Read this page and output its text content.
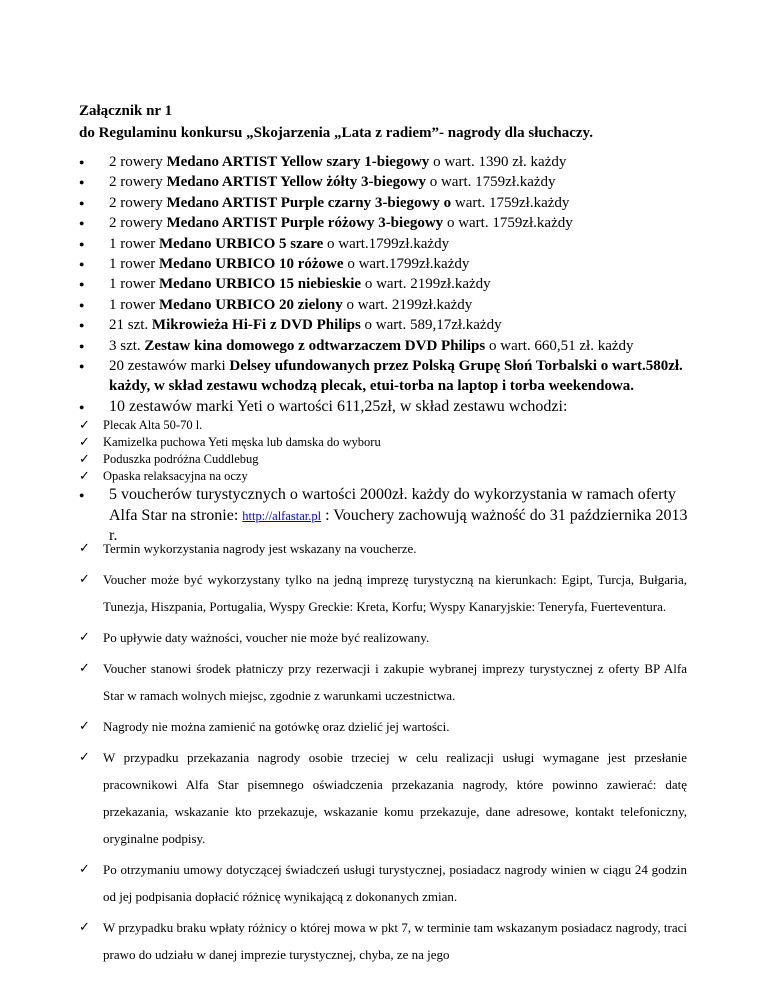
Załącznik nr 1
do Regulaminu konkursu „Skojarzenia „Lata z radiem”- nagrody dla słuchaczy.

● 2 rowery Medano ARTIST Yellow szary 1-biegowy o wart. 1390 zł. każdy
● 2 rowery Medano ARTIST Yellow żółty 3-biegowy o wart. 1759zł.każdy
● 2 rowery Medano ARTIST Purple czarny 3-biegowy o wart. 1759zł.każdy
● 2 rowery Medano ARTIST Purple różowy 3-biegowy o wart. 1759zł.każdy
● 1 rower Medano URBICO 5 szare o wart.1799zł.każdy
● 1 rower Medano URBICO 10 różowe o wart.1799zł.każdy
● 1 rower Medano URBICO 15 niebieskie o wart. 2199zł.każdy
● 1 rower Medano URBICO 20 zielony o wart. 2199zł.każdy
● 21 szt. Mikrowieża Hi-Fi z DVD Philips o wart. 589,17zł.każdy
● 3 szt. Zestaw kina domowego z odtwarzaczem DVD Philips o wart. 660,51 zł. każdy
● 20 zestawów marki Delsey ufundowanych przez Polską Grupę Słoń Torbalski o wart.580zł. każdy, w skład zestawu wchodzą plecak, etui-torba na laptop i torba weekendowa.
● 10 zestawów marki Yeti o wartości 611,25zł, w skład zestawu wchodzi:
✓ Plecak Alta 50-70 l.
✓ Kamizelka puchowa Yeti męska lub damska do wyboru
✓ Poduszka podróżna Cuddlebug
✓ Opaska relaksacyjna na oczy
● 5 voucherów turystycznych o wartości 2000zł. każdy do wykorzystania w ramach oferty Alfa Star na stronie: http://alfastar.pl : Vouchery zachowują ważność do 31 października 2013 r.
✓ Termin wykorzystania nagrody jest wskazany na voucherze.
✓ Voucher może być wykorzystany tylko na jedną imprezę turystyczną na kierunkach: Egipt, Turcja, Bułgaria, Tunezja, Hiszpania, Portugalia, Wyspy Greckie: Kreta, Korfu; Wyspy Kanaryjskie: Teneryfa, Fuerteventura.
✓ Po upływie daty ważności, voucher nie może być realizowany.
✓ Voucher stanowi środek płatniczy przy rezerwacji i zakupie wybranej imprezy turystycznej z oferty BP Alfa Star w ramach wolnych miejsc, zgodnie z warunkami uczestnictwa.
✓ Nagrody nie można zamienić na gotówkę oraz dzielić jej wartości.
✓ W przypadku przekazania nagrody osobie trzeciej w celu realizacji usługi wymagane jest przesłanie pracownikowi Alfa Star pisemnego oświadczenia przekazania nagrody, które powinno zawierać: datę przekazania, wskazanie kto przekazuje, wskazanie komu przekazuje, dane adresowe, kontakt telefoniczny, oryginalne podpisy.
✓ Po otrzymaniu umowy dotyczącej świadczeń usługi turystycznej, posiadacz nagrody winien w ciągu 24 godzin od jej podpisania dopłacić różnicę wynikającą z dokonanych zmian.
✓ W przypadku braku wpłaty różnicy o której mowa w pkt 7, w terminie tam wskazanym posiadacz nagrody, traci prawo do udziału w danej imprezie turystycznej, chyba, ze na jego
